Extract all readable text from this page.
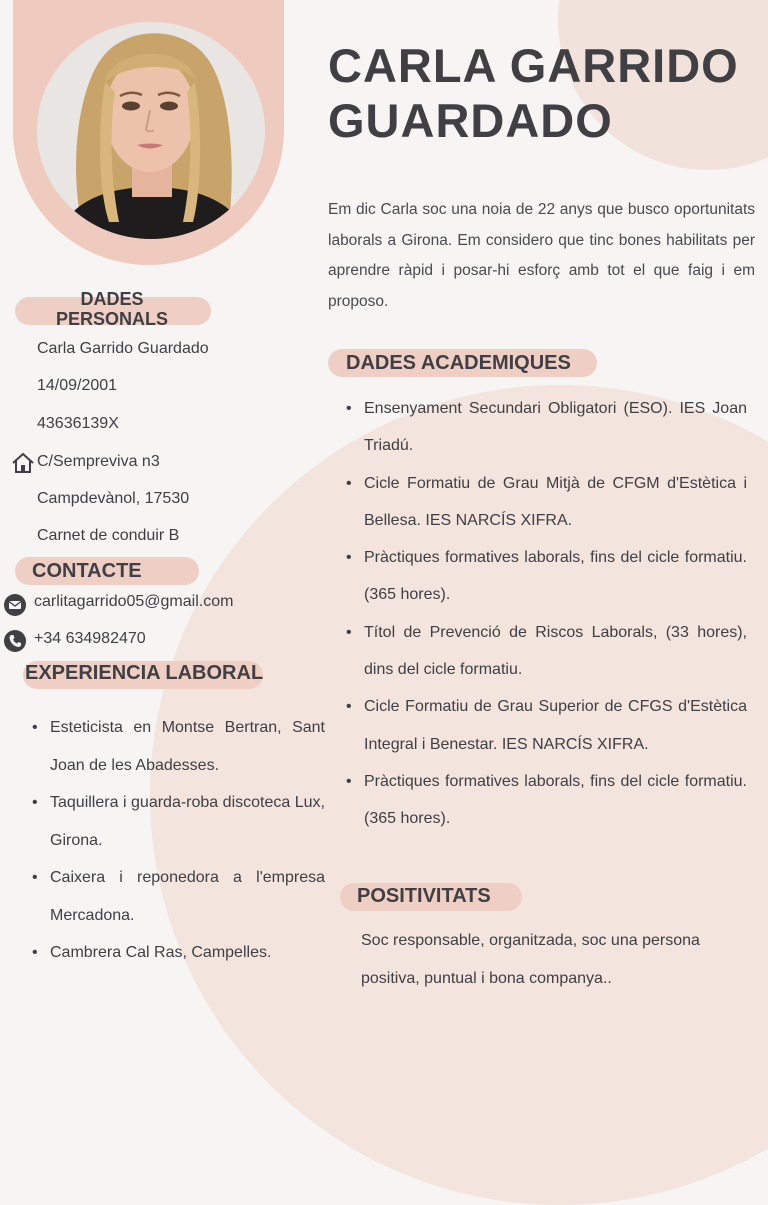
CARLA GARRIDO
GUARDADO

Em dic Carla soc una noia de 22 anys que busco oportunitats laborals a Girona. Em considero que tinc bones habilitats per aprendre ràpid i posar-hi esforç amb tot el que faig i em proposo.

DADES
PERSONALS

Carla Garrido Guardado

14/09/2001

43636139X

C/Sempreviva n3

Campdevànol, 17530

Carnet de conduir B

CONTACTE

carlitagarrido05@gmail.com

+34 634982470

EXPERIENCIA LABORAL
• Esteticista en Montse Bertran, Sant Joan de les Abadesses.
• Taquillera i guarda-roba discoteca Lux, Girona.
• Caixera i reponedora a l'empresa Mercadona.
• Cambrera Cal Ras, Campelles.
DADES ACADEMIQUES
• Ensenyament Secundari Obligatori (ESO). IES Joan Triadú.
• Cicle Formatiu de Grau Mitjà de CFGM d'Estètica i Bellesa. IES NARCÍS XIFRA.
• Pràctiques formatives laborals, fins del cicle formatiu. (365 hores).
• Títol de Prevenció de Riscos Laborals, (33 hores), dins del cicle formatiu.
• Cicle Formatiu de Grau Superior de CFGS d'Estètica Integral i Benestar. IES NARCÍS XIFRA.
• Pràctiques formatives laborals, fins del cicle formatiu. (365 hores).
POSITIVITATS

Soc responsable, organitzada, soc una persona positiva, puntual i bona companya..
